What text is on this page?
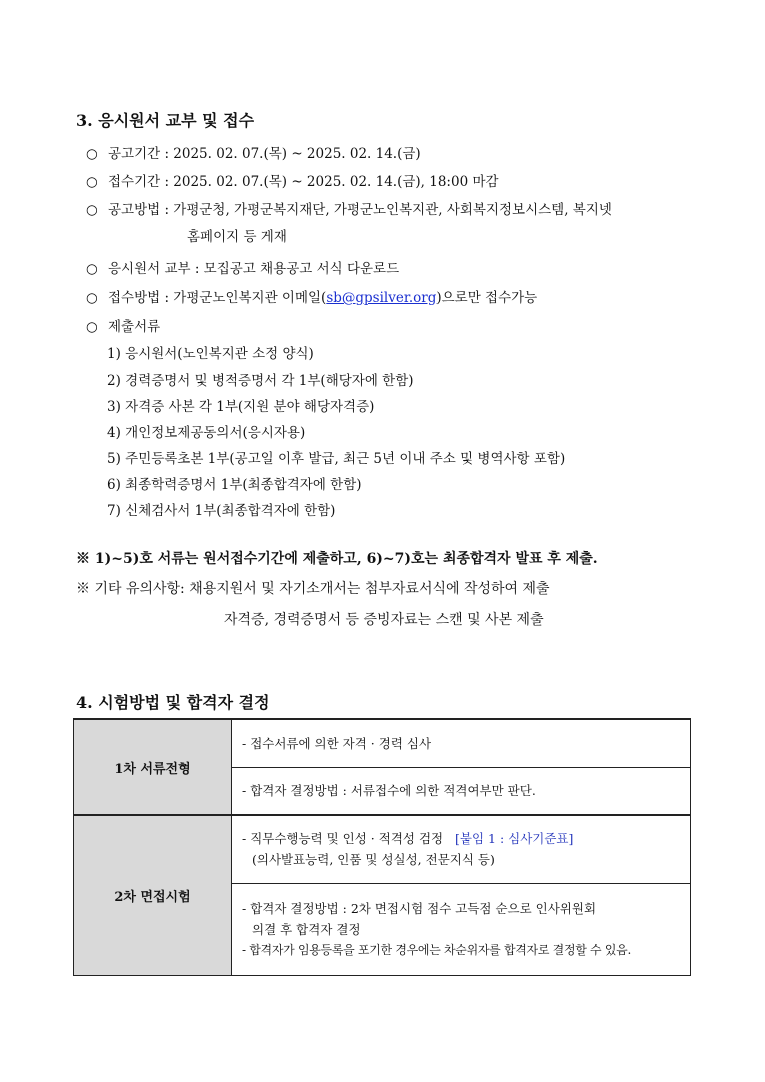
3. 응시원서 교부 및 접수
○ 공고기간 : 2025. 02. 07.(목) ~ 2025. 02. 14.(금)
○ 접수기간 : 2025. 02. 07.(목) ~ 2025. 02. 14.(금), 18:00 마감
○ 공고방법 : 가평군청, 가평군복지재단, 가평군노인복지관, 사회복지정보시스템, 복지넷
홈페이지 등 게재
○ 응시원서 교부 : 모집공고 채용공고 서식 다운로드
○ 접수방법 : 가평군노인복지관 이메일(sb@gpsilver.org)으로만 접수가능
○ 제출서류
1) 응시원서(노인복지관 소정 양식)
2) 경력증명서 및 병적증명서 각 1부(해당자에 한함)
3) 자격증 사본 각 1부(지원 분야 해당자격증)
4) 개인정보제공동의서(응시자용)
5) 주민등록초본 1부(공고일 이후 발급, 최근 5년 이내 주소 및 병역사항 포함)
6) 최종학력증명서 1부(최종합격자에 한함)
7) 신체검사서 1부(최종합격자에 한함)
※ 1)~5)호 서류는 원서접수기간에 제출하고, 6)~7)호는 최종합격자 발표 후 제출.
※ 기타 유의사항: 채용지원서 및 자기소개서는 첨부자료서식에 작성하여 제출
자격증, 경력증명서 등 증빙자료는 스캔 및 사본 제출
4. 시험방법 및 합격자 결정
1차 서류전형	- 접수서류에 의한 자격 · 경력 심사
	- 합격자 결정방법 : 서류접수에 의한 적격여부만 판단.
2차 면접시험	- 직무수행능력 및 인성 · 적격성 검정 [붙임 1 : 심사기준표]
(의사발표능력, 인품 및 성실성, 전문지식 등)

	- 합격자 결정방법 : 2차 면접시험 점수 고득점 순으로 인사위원회
의결 후 합격자 결정
- 합격자가 임용등록을 포기한 경우에는 차순위자를 합격자로 결정할 수 있음.
